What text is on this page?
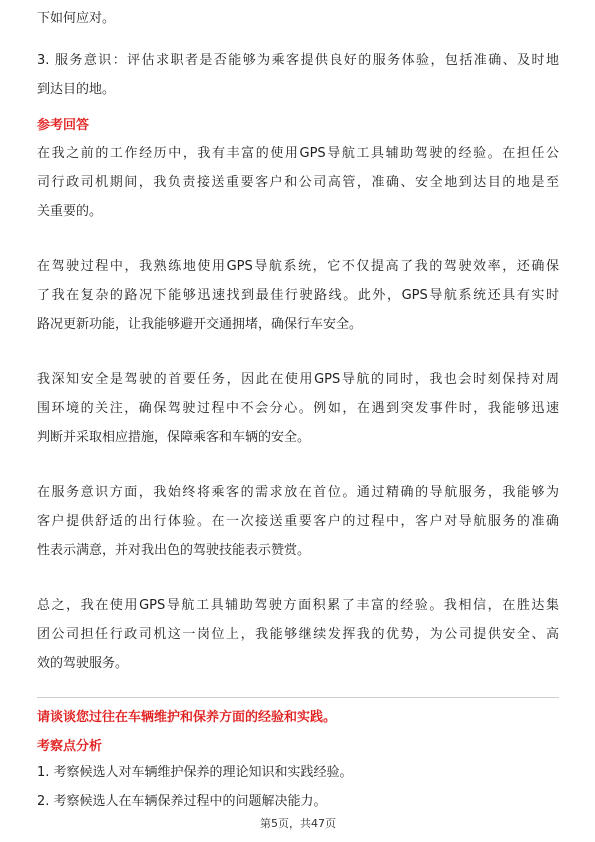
下如何应对。
3. 服务意识：评估求职者是否能够为乘客提供良好的服务体验，包括准确、及时地
到达目的地。
参考回答
在我之前的工作经历中，我有丰富的使用GPS导航工具辅助驾驶的经验。在担任公
司行政司机期间，我负责接送重要客户和公司高管，准确、安全地到达目的地是至
关重要的。
在驾驶过程中，我熟练地使用GPS导航系统，它不仅提高了我的驾驶效率，还确保
了我在复杂的路况下能够迅速找到最佳行驶路线。此外，GPS导航系统还具有实时
路况更新功能，让我能够避开交通拥堵，确保行车安全。
我深知安全是驾驶的首要任务，因此在使用GPS导航的同时，我也会时刻保持对周
围环境的关注，确保驾驶过程中不会分心。例如，在遇到突发事件时，我能够迅速
判断并采取相应措施，保障乘客和车辆的安全。
在服务意识方面，我始终将乘客的需求放在首位。通过精确的导航服务，我能够为
客户提供舒适的出行体验。在一次接送重要客户的过程中，客户对导航服务的准确
性表示满意，并对我出色的驾驶技能表示赞赏。
总之，我在使用GPS导航工具辅助驾驶方面积累了丰富的经验。我相信，在胜达集
团公司担任行政司机这一岗位上，我能够继续发挥我的优势，为公司提供安全、高
效的驾驶服务。
请谈谈您过往在车辆维护和保养方面的经验和实践。
考察点分析
1. 考察候选人对车辆维护保养的理论知识和实践经验。
2. 考察候选人在车辆保养过程中的问题解决能力。
第5页，共47页
